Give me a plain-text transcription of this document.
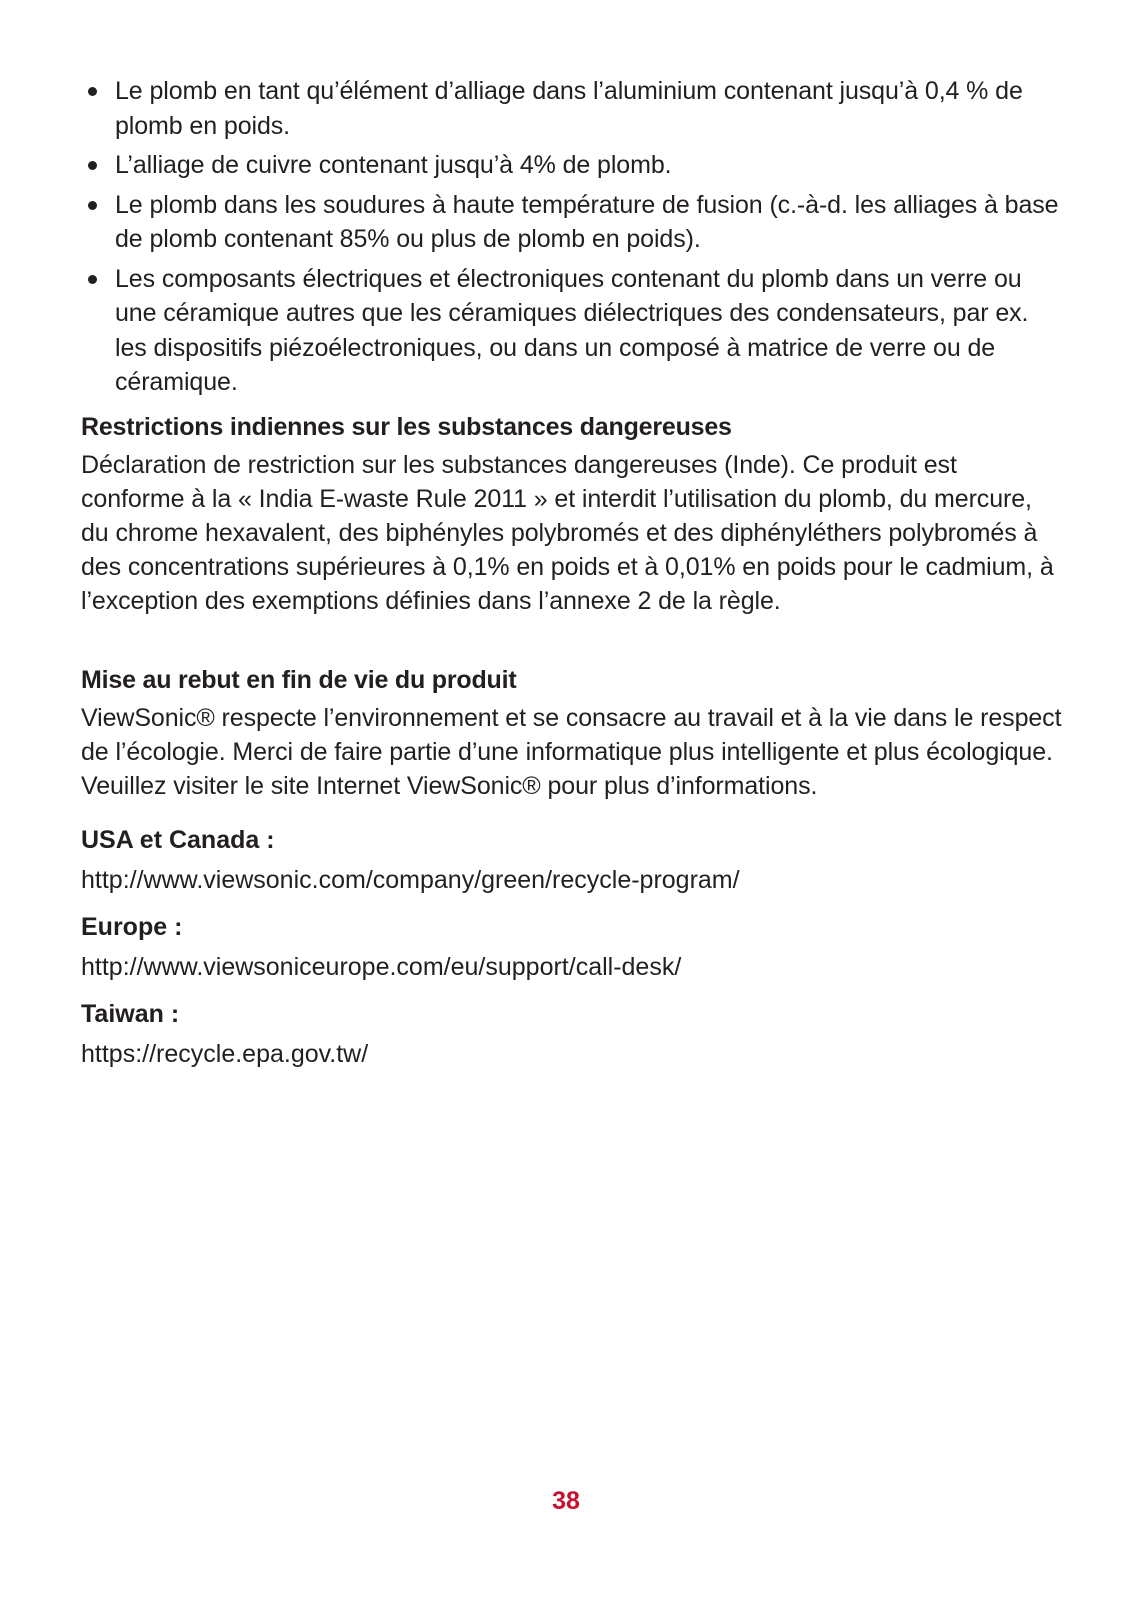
Le plomb en tant qu’élément d’alliage dans l’aluminium contenant jusqu’à 0,4 % de plomb en poids.
L’alliage de cuivre contenant jusqu’à 4% de plomb.
Le plomb dans les soudures à haute température de fusion (c.-à-d. les alliages à base de plomb contenant 85% ou plus de plomb en poids).
Les composants électriques et électroniques contenant du plomb dans un verre ou une céramique autres que les céramiques diélectriques des condensateurs, par ex. les dispositifs piézoélectroniques, ou dans un composé à matrice de verre ou de céramique.
Restrictions indiennes sur les substances dangereuses

Déclaration de restriction sur les substances dangereuses (Inde). Ce produit est conforme à la « India E-waste Rule 2011 » et interdit l’utilisation du plomb, du mercure, du chrome hexavalent, des biphényles polybromés et des diphényléthers polybromés à des concentrations supérieures à 0,1% en poids et à 0,01% en poids pour le cadmium, à l’exception des exemptions définies dans l’annexe 2 de la règle.

Mise au rebut en fin de vie du produit

ViewSonic® respecte l’environnement et se consacre au travail et à la vie dans le respect de l’écologie. Merci de faire partie d’une informatique plus intelligente et plus écologique. Veuillez visiter le site Internet ViewSonic® pour plus d’informations.

USA et Canada :

http://www.viewsonic.com/company/green/recycle-program/

Europe :

http://www.viewsoniceurope.com/eu/support/call-desk/

Taiwan :

https://recycle.epa.gov.tw/

38
